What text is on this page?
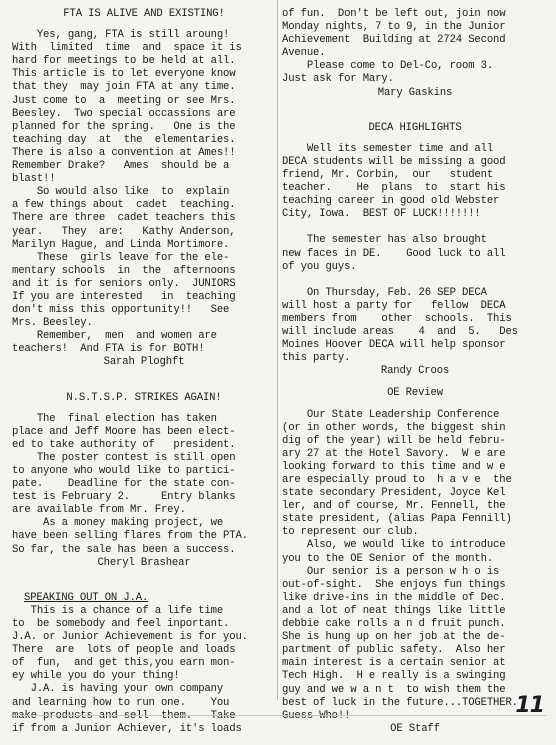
FTA IS ALIVE AND EXISTING!
Yes, gang, FTA is still aroung!
With  limited  time  and  space it is
hard for meetings to be held at all.
This article is to let everyone know
that they  may join FTA at any time.
Just come to  a  meeting or see Mrs.
Beesley.  Two special occassions are
planned for the spring.   One is the
teaching day  at  the  elementaries.
There is also a convention at Ames!!
Remember Drake?   Ames  should be a
blast!!
So would also like  to  explain
a few things about  cadet  teaching.
There are three  cadet teachers this
year.   They  are:   Kathy Anderson,
Marilyn Hague, and Linda Mortimore.
These  girls leave for the ele-
mentary schools  in  the  afternoons
and it is for seniors only.  JUNIORS
If you are interested   in  teaching
don't miss this opportunity!!   See
Mrs. Beesley.
Remember,  men  and women are
teachers!  And FTA is for BOTH!
Sarah Ploghft
N.S.T.S.P. STRIKES AGAIN!
The  final election has taken
place and Jeff Moore has been elect-
ed to take authority of   president.
The poster contest is still open
to anyone who would like to partici-
pate.    Deadline for the state con-
test is February 2.     Entry blanks
are available from Mr. Frey.
As a money making project, we
have been selling flares from the PTA.
So far, the sale has been a success.
Cheryl Brashear
SPEAKING OUT ON J.A.
This is a chance of a life time
to  be somebody and feel inportant.
J.A. or Junior Achievement is for you.
There  are  lots of people and loads
of  fun,  and get this,you earn mon-
ey while you do your thing!
J.A. is having your own company
and learning how to run one.    You
if from a Junior Achiever, it's loads
of fun.  Don't be left out, join now
Monday nights, 7 to 9, in the Junior
Achievement  Building at 2724 Second
Avenue.
Please come to Del-Co, room 3.
Just ask for Mary.
Mary Gaskins
DECA HIGHLIGHTS
Well its semester time and all
DECA students will be missing a good
friend, Mr. Corbin,  our   student
teacher.    He  plans  to  start his
teaching career in good old Webster
City, Iowa.  BEST OF LUCK!!!!!!!

The semester has also brought
new faces in DE.    Good luck to all
of you guys.

On Thursday, Feb. 26 SEP DECA
will host a party for   fellow  DECA
members from    other  schools.  This
will include areas    4  and  5.   Des
Moines Hoover DECA will help sponsor
this party.
Randy Croos
OE Review
Our State Leadership Conference
(or in other words, the biggest shin
dig of the year) will be held febru-
ary 27 at the Hotel Savory.  W e are
looking forward to this time and w e
are especially proud to  h a v e  the
state secondary President, Joyce Kel
ler, and of course, Mr. Fennell, the
state president, (alias Papa Fennill)
to represent our club.
Also, we would like to introduce
you to the OE Senior of the month.
Our senior is a person w h o is
out-of-sight.  She enjoys fun things
like drive-ins in the middle of Dec.
and a lot of neat things like little
debbie cake rolls a n d fruit punch.
She is hung up on her job at the de-
partment of public safety.  Also her
main interest is a certain senior at
Tech High.  H e really is a swinging
guy and we w a n t  to wish them the
best of luck in the future...TOGETHER.
OE Staff
11
